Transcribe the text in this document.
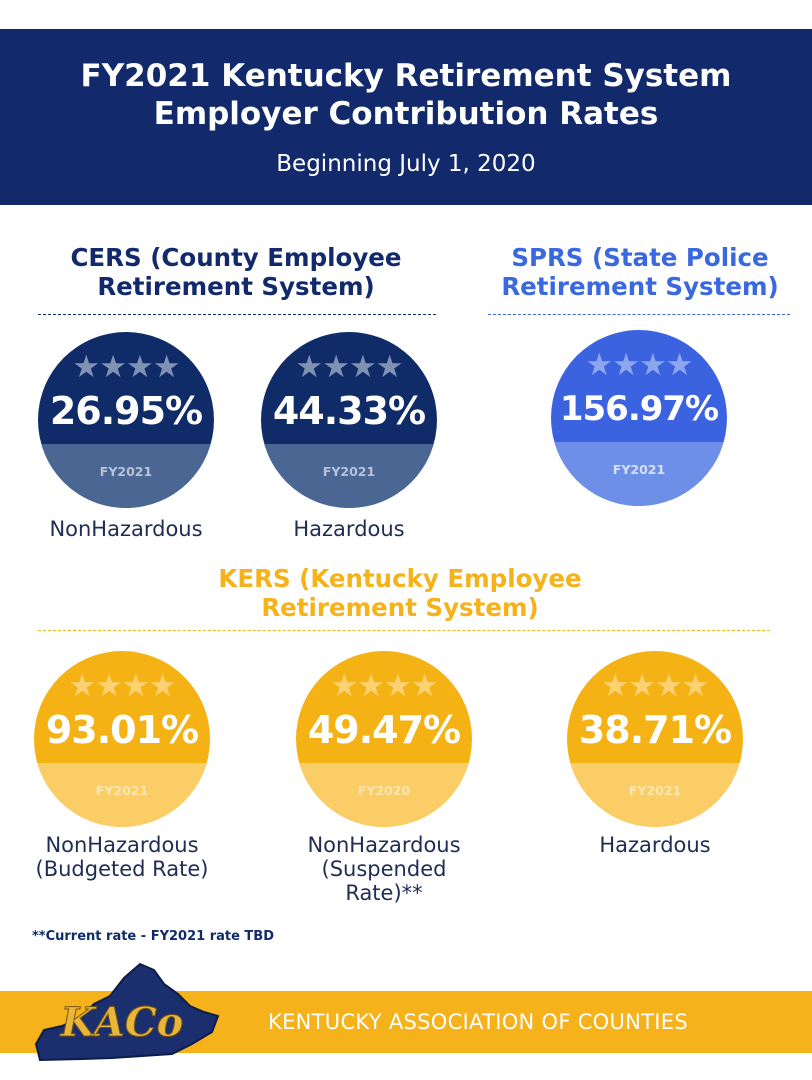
FY2021 Kentucky Retirement System
Employer Contribution Rates
Beginning July 1, 2020
CERS (County Employee
Retirement System)
★★★★
26.95%
FY2021
NonHazardous
★★★★
44.33%
FY2021
Hazardous
SPRS (State Police
Retirement System)
★★★★
156.97%
FY2021
KERS (Kentucky Employee
Retirement System)
★★★★
93.01%
FY2021
NonHazardous
(Budgeted Rate)
★★★★
49.47%
FY2020
NonHazardous
(Suspended
Rate)**
★★★★
38.71%
FY2021
Hazardous
**Current rate - FY2021 rate TBD
KENTUCKY ASSOCIATION OF COUNTIES
KACo
